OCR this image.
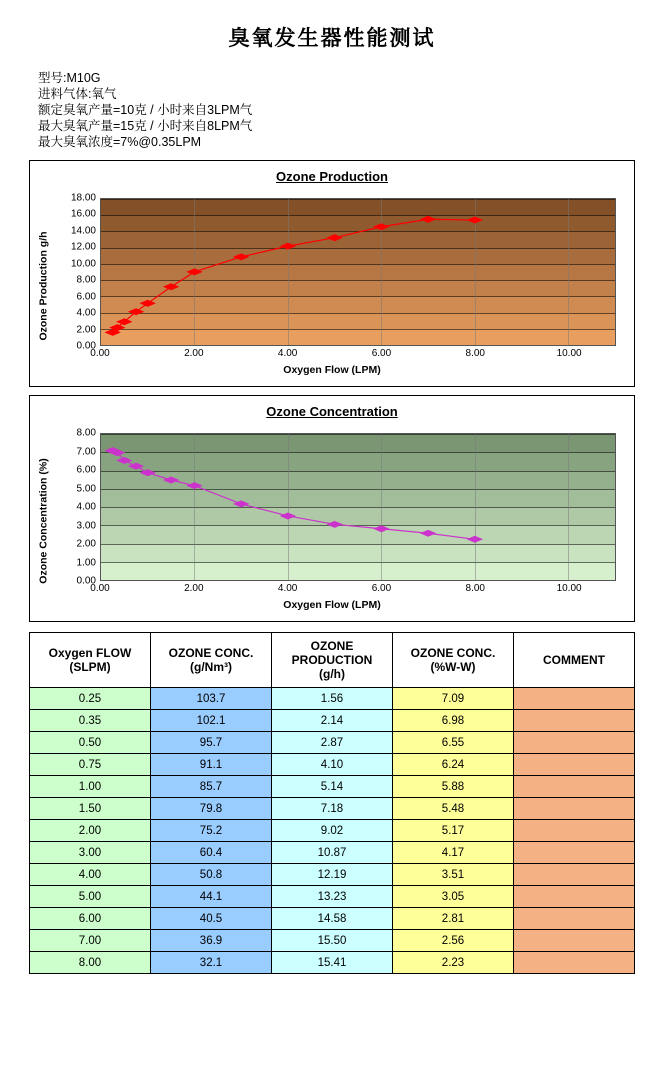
臭氧发生器性能测试
型号:M10G
进料气体:氧气
额定臭氧产量=10克 / 小时来自3LPM气
最大臭氧产量=15克 / 小时来自8LPM气
最大臭氧浓度=7%@0.35LPM
Ozone Production
Ozone Production g/h
0.00
2.00
4.00
6.00
8.00
10.00
12.00
14.00
16.00
18.00
0.00	2.00	4.00	6.00	8.00	10.00
Oxygen Flow (LPM)
Ozone Concentration
Ozone Concentration (%)	0.00
1.00
2.00
3.00
4.00
5.00
6.00
7.00
8.00
0.00	2.00	4.00	6.00	8.00	10.00
Oxygen Flow (LPM)
Oxygen FLOW
(SLPM)

OZONE CONC.
(g/Nm³)

OZONE
PRODUCTION
(g/h)

OZONE CONC.
(%W-W)	COMMENT

0.25	103.7	1.56	7.09	
0.35	102.1	2.14	6.98	
0.50	95.7	2.87	6.55	
0.75	91.1	4.10	6.24	
1.00	85.7	5.14	5.88	
1.50	79.8	7.18	5.48	
2.00	75.2	9.02	5.17	
3.00	60.4	10.87	4.17	
4.00	50.8	12.19	3.51	
5.00	44.1	13.23	3.05	
6.00	40.5	14.58	2.81	
7.00	36.9	15.50	2.56	
8.00	32.1	15.41	2.23	
